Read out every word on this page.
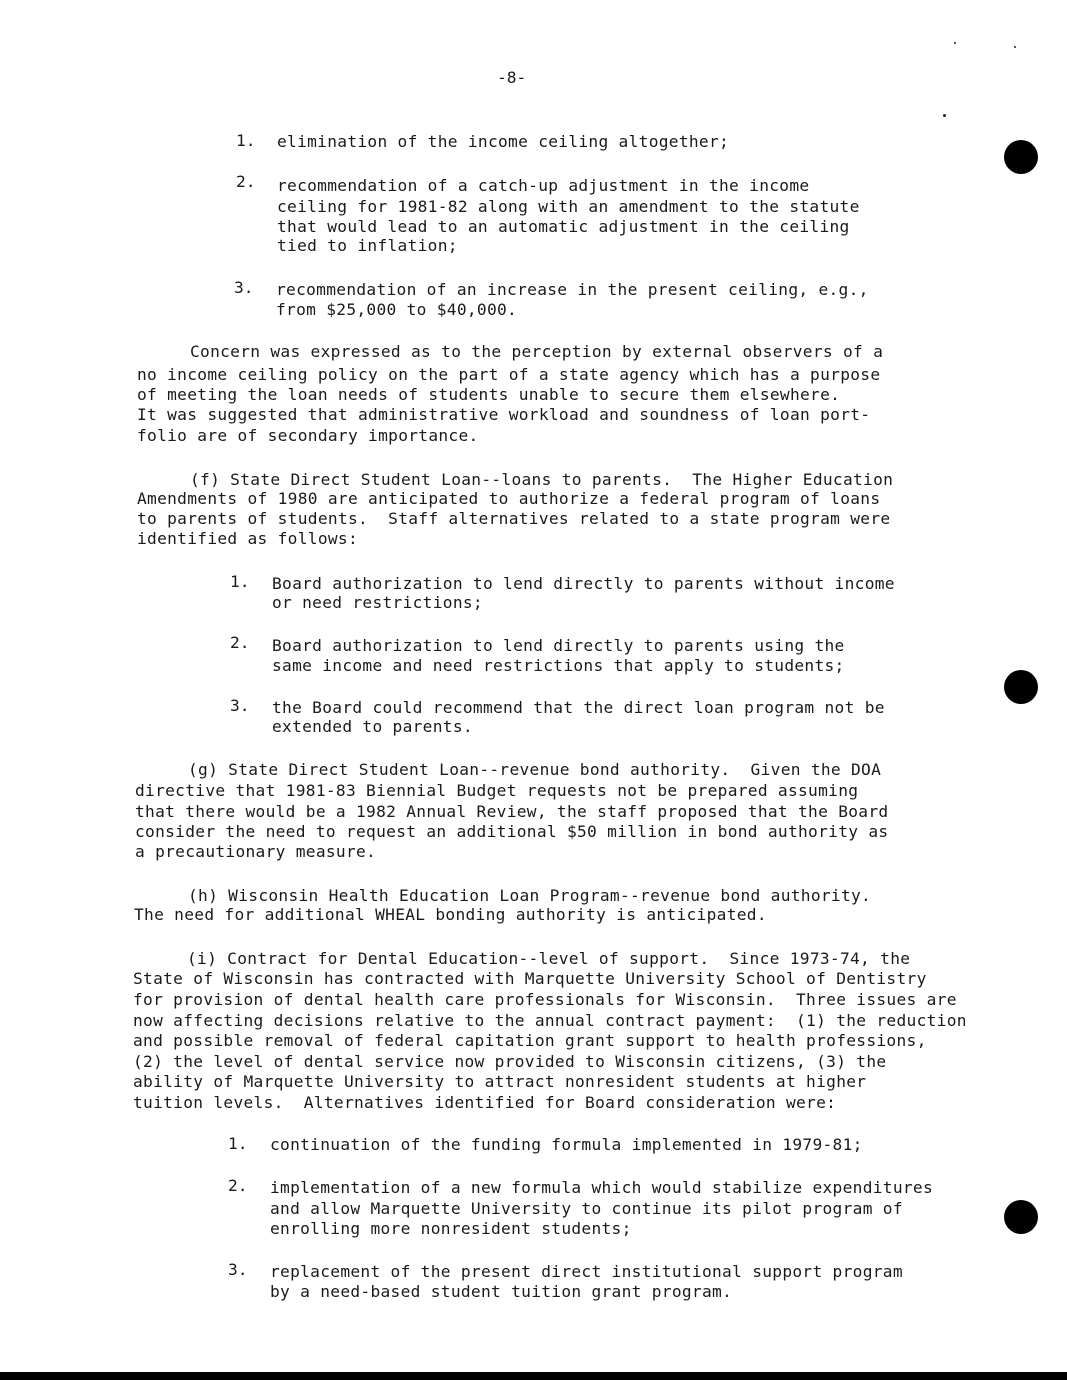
-8-
1. elimination of the income ceiling altogether;
2. recommendation of a catch-up adjustment in the income
ceiling for 1981-82 along with an amendment to the statute
that would lead to an automatic adjustment in the ceiling
tied to inflation;
3. recommendation of an increase in the present ceiling, e.g.,
from $25,000 to $40,000.
Concern was expressed as to the perception by external observers of a
no income ceiling policy on the part of a state agency which has a purpose
of meeting the loan needs of students unable to secure them elsewhere.
It was suggested that administrative workload and soundness of loan port-
folio are of secondary importance.
(f) State Direct Student Loan--loans to parents.  The Higher Education
Amendments of 1980 are anticipated to authorize a federal program of loans
to parents of students.  Staff alternatives related to a state program were
identified as follows:
1. Board authorization to lend directly to parents without income
or need restrictions;
2. Board authorization to lend directly to parents using the
same income and need restrictions that apply to students;
3. the Board could recommend that the direct loan program not be
extended to parents.
(g) State Direct Student Loan--revenue bond authority.  Given the DOA
directive that 1981-83 Biennial Budget requests not be prepared assuming
that there would be a 1982 Annual Review, the staff proposed that the Board
consider the need to request an additional $50 million in bond authority as
a precautionary measure.
(h) Wisconsin Health Education Loan Program--revenue bond authority.
The need for additional WHEAL bonding authority is anticipated.
(i) Contract for Dental Education--level of support.  Since 1973-74, the
State of Wisconsin has contracted with Marquette University School of Dentistry
for provision of dental health care professionals for Wisconsin.  Three issues are
now affecting decisions relative to the annual contract payment:  (1) the reduction
and possible removal of federal capitation grant support to health professions,
(2) the level of dental service now provided to Wisconsin citizens, (3) the
ability of Marquette University to attract nonresident students at higher
tuition levels.  Alternatives identified for Board consideration were:
1. continuation of the funding formula implemented in 1979-81;
2. implementation of a new formula which would stabilize expenditures
and allow Marquette University to continue its pilot program of
enrolling more nonresident students;
3. replacement of the present direct institutional support program
by a need-based student tuition grant program.
